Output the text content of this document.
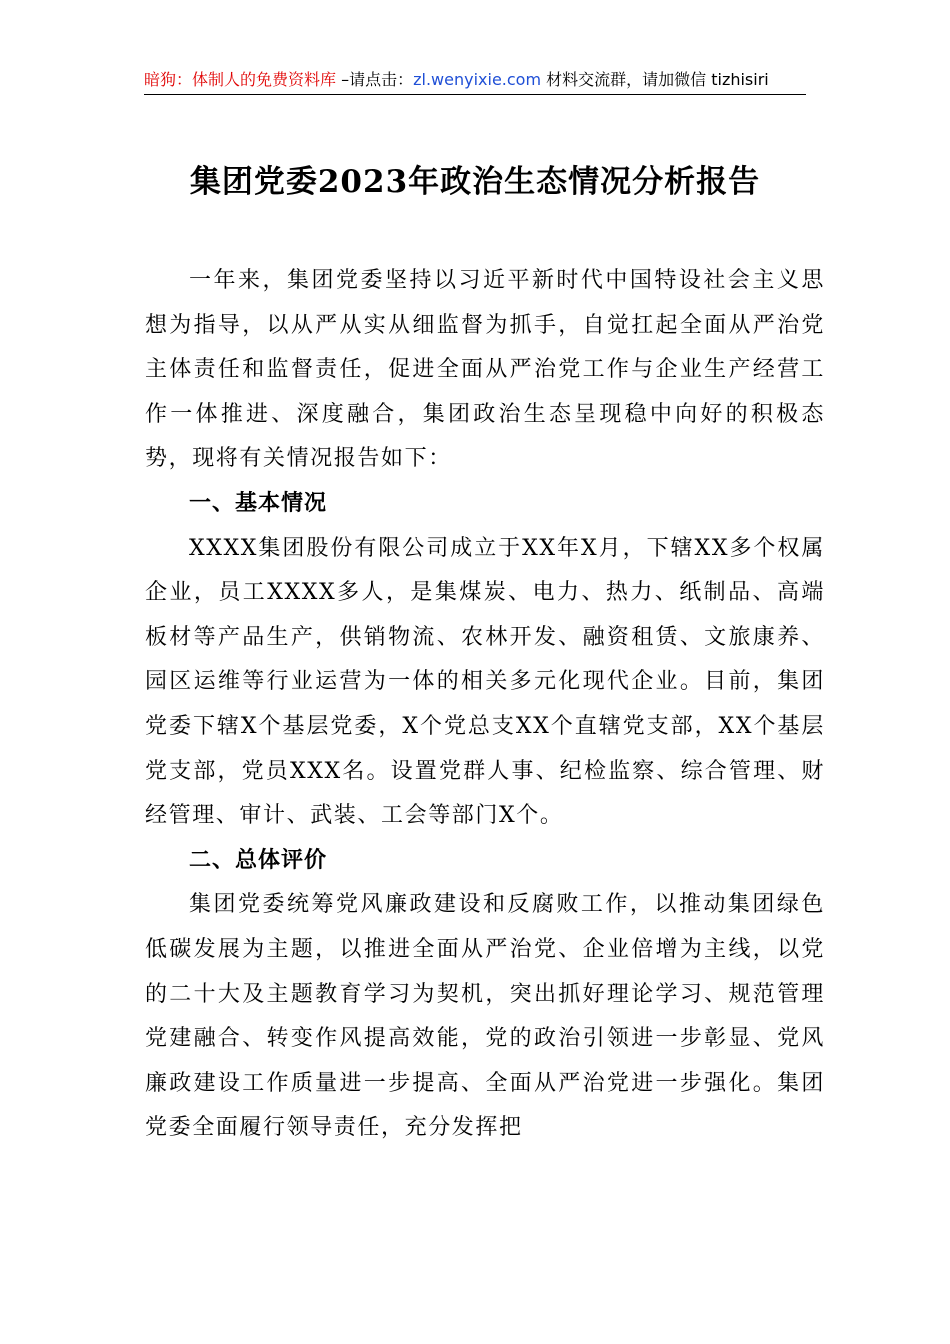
暗狗：体制人的免费资料库 –请点击：zl.wenyixie.com 材料交流群，请加微信 tizhisiri
集团党委2023年政治生态情况分析报告

一年来，集团党委坚持以习近平新时代中国特设社会主义思想为指导，以从严从实从细监督为抓手，自觉扛起全面从严治党主体责任和监督责任，促进全面从严治党工作与企业生产经营工作一体推进、深度融合，集团政治生态呈现稳中向好的积极态势，现将有关情况报告如下：

一、基本情况

XXXX集团股份有限公司成立于XX年X月，下辖XX多个权属企业，员工XXXX多人，是集煤炭、电力、热力、纸制品、高端板材等产品生产，供销物流、农林开发、融资租赁、文旅康养、园区运维等行业运营为一体的相关多元化现代企业。目前，集团党委下辖X个基层党委，X个党总支XX个直辖党支部，XX个基层党支部，党员XXX名。设置党群人事、纪检监察、综合管理、财经管理、审计、武装、工会等部门X个。

二、总体评价

集团党委统筹党风廉政建设和反腐败工作，以推动集团绿色低碳发展为主题，以推进全面从严治党、企业倍增为主线，以党的二十大及主题教育学习为契机，突出抓好理论学习、规范管理党建融合、转变作风提高效能，党的政治引领进一步彰显、党风廉政建设工作质量进一步提高、全面从严治党进一步强化。集团党委全面履行领导责任，充分发挥把
